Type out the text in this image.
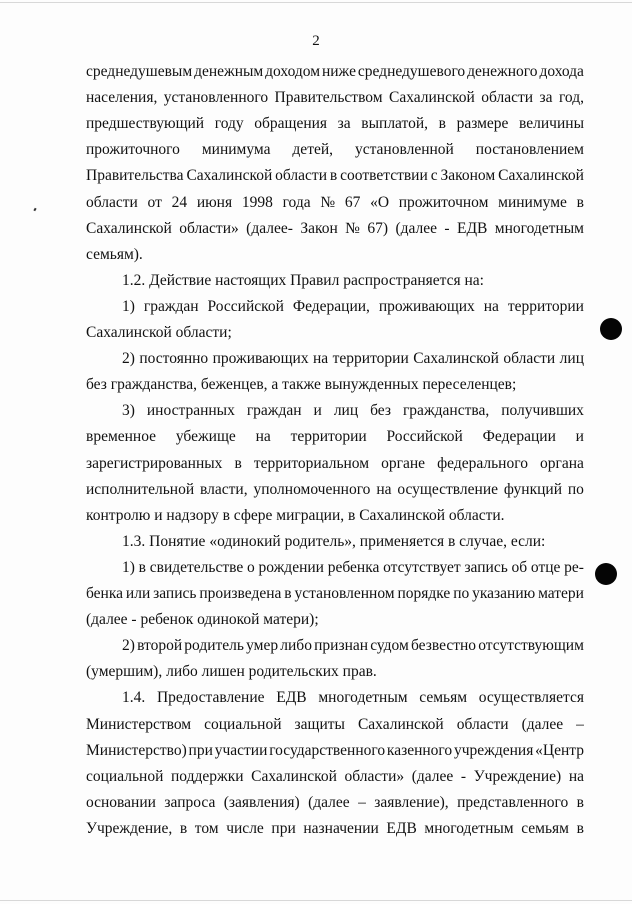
2
среднедушевым денежным доходом ниже среднедушевого денежного дохода
населения, установленного Правительством Сахалинской области за год,
предшествующий году обращения за выплатой, в размере величины
прожиточного минимума детей, установленной постановлением
Правительства Сахалинской области в соответствии с Законом Сахалинской
области от 24 июня 1998 года № 67 «О прожиточном минимуме в
Сахалинской области» (далее- Закон № 67) (далее - ЕДВ многодетным
семьям).
1.2. Действие настоящих Правил распространяется на:
1) граждан Российской Федерации, проживающих на территории
Сахалинской области;
2) постоянно проживающих на территории Сахалинской области лиц
без гражданства, беженцев, а также вынужденных переселенцев;
3) иностранных граждан и лиц без гражданства, получивших
временное убежище на территории Российской Федерации и
зарегистрированных в территориальном органе федерального органа
исполнительной власти, уполномоченного на осуществление функций по
контролю и надзору в сфере миграции, в Сахалинской области.
1.3. Понятие «одинокий родитель», применяется в случае, если:
1) в свидетельстве о рождении ребенка отсутствует запись об отце ре-
бенка или запись произведена в установленном порядке по указанию матери
(далее - ребенок одинокой матери);
2) второй родитель умер либо признан судом безвестно отсутствующим
(умершим), либо лишен родительских прав.
1.4. Предоставление ЕДВ многодетным семьям осуществляется
Министерством социальной защиты Сахалинской области (далее –
Министерство) при участии государственного казенного учреждения «Центр
социальной поддержки Сахалинской области» (далее - Учреждение) на
основании запроса (заявления) (далее – заявление), представленного в
Учреждение, в том числе при назначении ЕДВ многодетным семьям в
